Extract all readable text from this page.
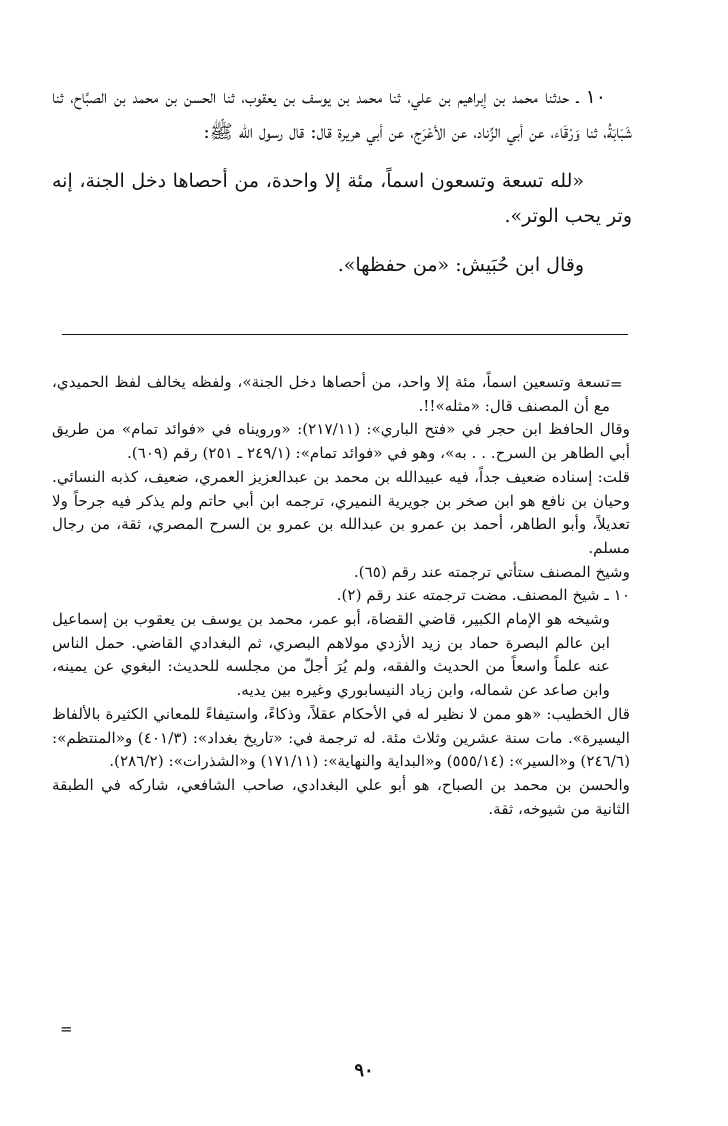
١٠ ـ حدثنا محمد بن إبراهيم بن علي، ثنا محمد بن يوسف بن يعقوب، ثنا الحسن بن محمد بن الصبَّاح، ثنا شَبَابَةُ، ثنا وَرْقَاء، عن أبي الزِّناد، عن الأعْرَج، عن أبي هريرة قال: قال رسول الله ﷺ:

«لله تسعة وتسعون اسماً، مئة إلا واحدة، من أحصاها دخل الجنة، إنه وتر يحب الوتر».

وقال ابن حُبَيش: «من حفظها».

=

تسعة وتسعين اسماً، مئة إلا واحد، من أحصاها دخل الجنة»، ولفظه يخالف لفظ الحميدي، مع أن المصنف قال: «مثله»!!.

وقال الحافظ ابن حجر في «فتح الباري»: (٢١٧/١١): «ورويناه في «فوائد تمام» من طريق أبي الطاهر بن السرح. . . به»، وهو في «فوائد تمام»: (٢٤٩/١ ـ ٢٥١) رقم (٦٠٩).

قلت: إسناده ضعيف جداً، فيه عبيدالله بن محمد بن عبدالعزيز العمري، ضعيف، كذبه النسائي. وحيان بن نافع هو ابن صخر بن جويرية النميري، ترجمه ابن أبي حاتم ولم يذكر فيه جرحاً ولا تعديلاً، وأبو الطاهر، أحمد بن عمرو بن عبدالله بن عمرو بن السرح المصري، ثقة، من رجال مسلم.

وشيخ المصنف ستأتي ترجمته عند رقم (٦٥).

١٠ ـ شيخ المصنف. مضت ترجمته عند رقم (٢).

وشيخه هو الإمام الكبير، قاضي القضاة، أبو عمر، محمد بن يوسف بن يعقوب بن إسماعيل ابن عالم البصرة حماد بن زيد الأزدي مولاهم البصري، ثم البغدادي القاضي. حمل الناس عنه علماً واسعاً من الحديث والفقه، ولم يُرَ أجلّ من مجلسه للحديث: البغوي عن يمينه، وابن صاعد عن شماله، وابن زياد النيسابوري وغيره بين يديه.

قال الخطيب: «هو ممن لا نظير له في الأحكام عقلاً، وذكاءً، واستيفاءً للمعاني الكثيرة بالألفاظ اليسيرة». مات سنة عشرين وثلاث مئة. له ترجمة في: «تاريخ بغداد»: (٤٠١/٣) و«المنتظم»: (٢٤٦/٦) و«السير»: (٥٥٥/١٤) و«البداية والنهاية»: (١٧١/١١) و«الشذرات»: (٢٨٦/٢).

والحسن بن محمد بن الصباح، هو أبو علي البغدادي، صاحب الشافعي، شاركه في الطبقة الثانية من شيوخه، ثقة.

=
٩٠
